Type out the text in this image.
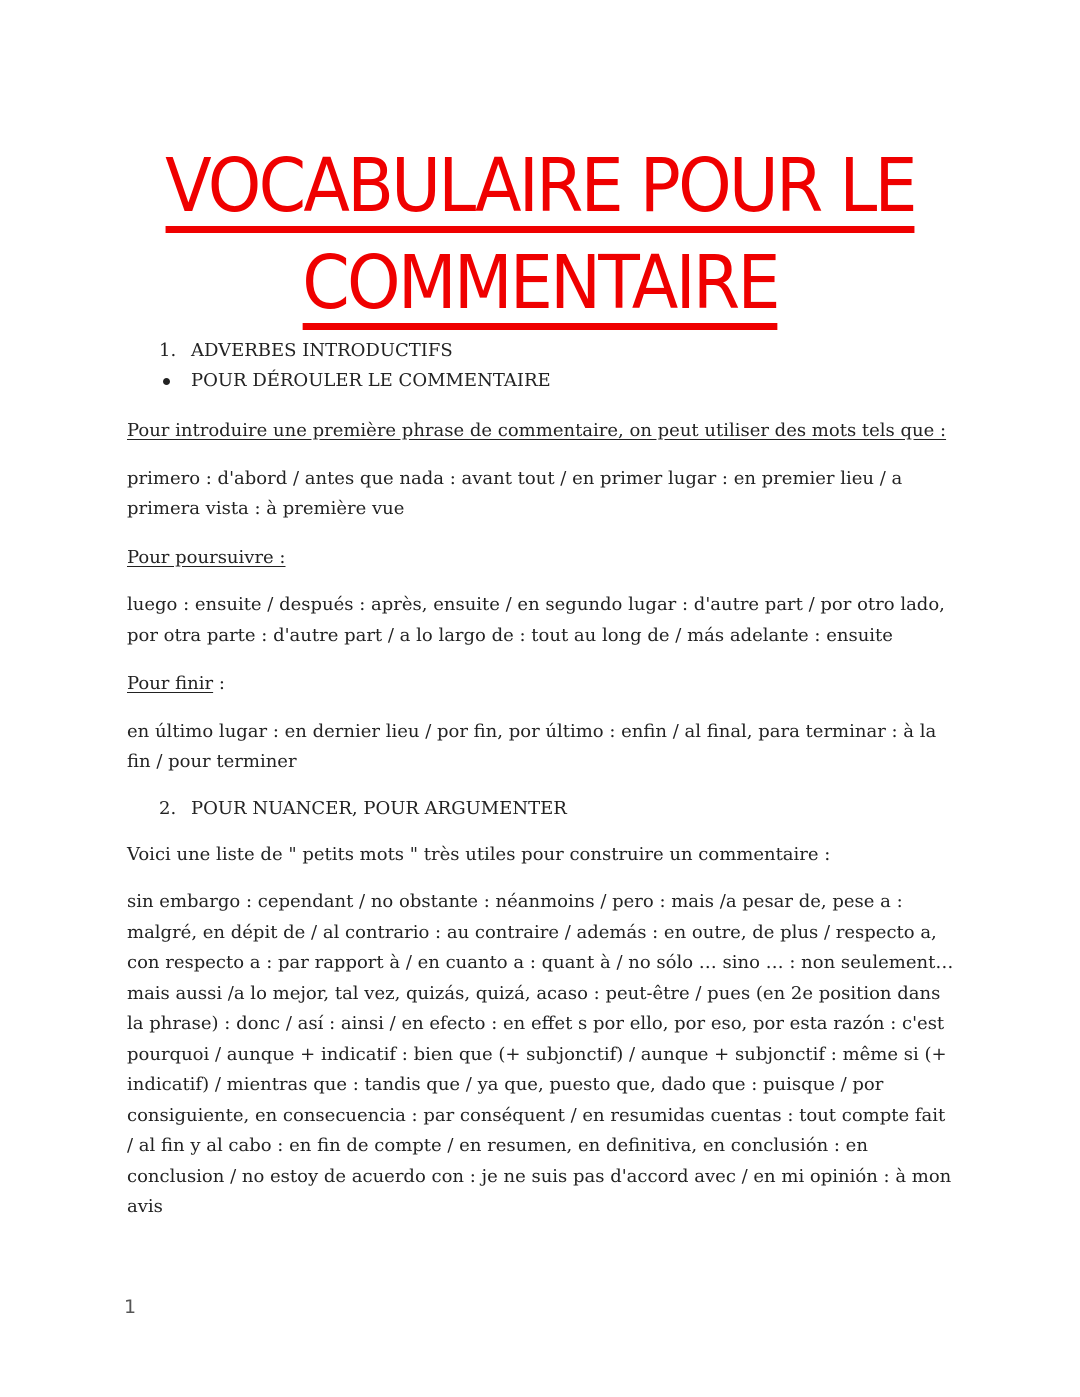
VOCABULAIRE POUR LE
COMMENTAIRE
1. ADVERBES INTRODUCTIFS
POUR DÉROULER LE COMMENTAIRE

Pour introduire une première phrase de commentaire, on peut utiliser des mots tels que :

primero : d'abord / antes que nada : avant tout / en primer lugar : en premier lieu / a primera vista : à première vue

Pour poursuivre :

luego : ensuite / después : après, ensuite / en segundo lugar : d'autre part / por otro lado, por otra parte : d'autre part / a lo largo de : tout au long de / más adelante : ensuite

Pour finir :

en último lugar : en dernier lieu / por fin, por último : enfin / al final, para terminar : à la fin / pour terminer

2. POUR NUANCER, POUR ARGUMENTER

Voici une liste de " petits mots " très utiles pour construire un commentaire :

sin embargo : cependant / no obstante : néanmoins / pero : mais /a pesar de, pese a : malgré, en dépit de / al contrario : au contraire / además : en outre, de plus / respecto a, con respecto a : par rapport à / en cuanto a : quant à / no sólo … sino … : non seulement… mais aussi /a lo mejor, tal vez, quizás, quizá, acaso : peut-être / pues (en 2e position dans la phrase) : donc / así : ainsi / en efecto : en effet s por ello, por eso, por esta razón : c'est pourquoi / aunque + indicatif : bien que (+ subjonctif) / aunque + subjonctif : même si (+ indicatif) / mientras que : tandis que / ya que, puesto que, dado que : puisque / por consiguiente, en consecuencia : par conséquent / en resumidas cuentas : tout compte fait / al fin y al cabo : en fin de compte / en resumen, en definitiva, en conclusión : en conclusion / no estoy de acuerdo con : je ne suis pas d'accord avec / en mi opinión : à mon avis

1
